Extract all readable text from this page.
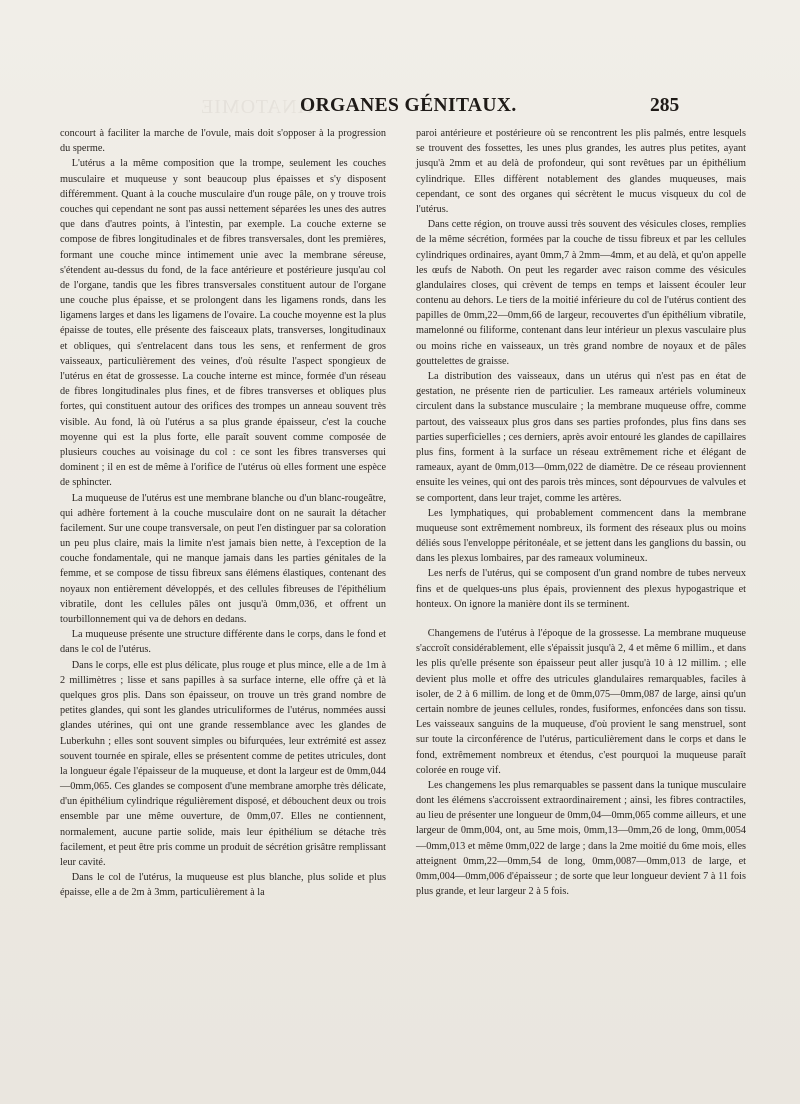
ANATOMIE
ORGANES GÉNITAUX.	285

concourt à faciliter la marche de l'ovule, mais doit s'opposer à la progression du sperme.

L'utérus a la même composition que la trompe, seulement les couches musculaire et muqueuse y sont beaucoup plus épaisses et s'y disposent différemment. Quant à la couche musculaire d'un rouge pâle, on y trouve trois couches qui cependant ne sont pas aussi nettement séparées les unes des autres que dans d'autres points, à l'intestin, par exemple. La couche externe se compose de fibres longitudinales et de fibres transversales, dont les premières, formant une couche mince intimement unie avec la membrane séreuse, s'étendent au-dessus du fond, de la face antérieure et postérieure jusqu'au col de l'organe, tandis que les fibres transversales constituent autour de l'organe une couche plus épaisse, et se prolongent dans les ligamens ronds, dans les ligamens larges et dans les ligamens de l'ovaire. La couche moyenne est la plus épaisse de toutes, elle présente des faisceaux plats, transverses, longitudinaux et obliques, qui s'entrelacent dans tous les sens, et renferment de gros vaisseaux, particulièrement des veines, d'où résulte l'aspect spongieux de l'utérus en état de grossesse. La couche interne est mince, formée d'un réseau de fibres longitudinales plus fines, et de fibres transverses et obliques plus fortes, qui constituent autour des orifices des trompes un anneau souvent très visible. Au fond, là où l'utérus a sa plus grande épaisseur, c'est la couche moyenne qui est la plus forte, elle paraît souvent comme composée de plusieurs couches au voisinage du col : ce sont les fibres transverses qui dominent ; il en est de même à l'orifice de l'utérus où elles forment une espèce de sphincter.

La muqueuse de l'utérus est une membrane blanche ou d'un blanc-rougeâtre, qui adhère fortement à la couche musculaire dont on ne saurait la détacher facilement. Sur une coupe transversale, on peut l'en distinguer par sa coloration un peu plus claire, mais la limite n'est jamais bien nette, à l'exception de la couche fondamentale, qui ne manque jamais dans les parties génitales de la femme, et se compose de tissu fibreux sans élémens élastiques, contenant des noyaux non entièrement développés, et des cellules fibreuses de l'épithélium vibratile, dont les cellules pâles ont jusqu'à 0mm,036, et offrent un tourbillonnement qui va de dehors en dedans.

La muqueuse présente une structure différente dans le corps, dans le fond et dans le col de l'utérus.

Dans le corps, elle est plus délicate, plus rouge et plus mince, elle a de 1m à 2 millimètres ; lisse et sans papilles à sa surface interne, elle offre çà et là quelques gros plis. Dans son épaisseur, on trouve un très grand nombre de petites glandes, qui sont les glandes utriculiformes de l'utérus, nommées aussi glandes utérines, qui ont une grande ressemblance avec les glandes de Luberkuhn ; elles sont souvent simples ou bifurquées, leur extrémité est assez souvent tournée en spirale, elles se présentent comme de petites utricules, dont la longueur égale l'épaisseur de la muqueuse, et dont la largeur est de 0mm,044—0mm,065. Ces glandes se composent d'une membrane amorphe très délicate, d'un épithélium cylindrique régulièrement disposé, et débouchent deux ou trois ensemble par une même ouverture, de 0mm,07. Elles ne contiennent, normalement, aucune partie solide, mais leur épithélium se détache très facilement, et peut être pris comme un produit de sécrétion grisâtre remplissant leur cavité.

Dans le col de l'utérus, la muqueuse est plus blanche, plus solide et plus épaisse, elle a de 2m à 3mm, particulièrement à la

paroi antérieure et postérieure où se rencontrent les plis palmés, entre lesquels se trouvent des fossettes, les unes plus grandes, les autres plus petites, ayant jusqu'à 2mm et au delà de profondeur, qui sont revêtues par un épithélium cylindrique. Elles diffèrent notablement des glandes muqueuses, mais cependant, ce sont des organes qui sécrètent le mucus visqueux du col de l'utérus.

Dans cette région, on trouve aussi très souvent des vésicules closes, remplies de la même sécrétion, formées par la couche de tissu fibreux et par les cellules cylindriques ordinaires, ayant 0mm,7 à 2mm—4mm, et au delà, et qu'on appelle les œufs de Naboth. On peut les regarder avec raison comme des vésicules glandulaires closes, qui crèvent de temps en temps et laissent écouler leur contenu au dehors. Le tiers de la moitié inférieure du col de l'utérus contient des papilles de 0mm,22—0mm,66 de largeur, recouvertes d'un épithélium vibratile, mamelonné ou filiforme, contenant dans leur intérieur un plexus vasculaire plus ou moins riche en vaisseaux, un très grand nombre de noyaux et de pâles gouttelettes de graisse.

La distribution des vaisseaux, dans un utérus qui n'est pas en état de gestation, ne présente rien de particulier. Les rameaux artériels volumineux circulent dans la substance musculaire ; la membrane muqueuse offre, comme partout, des vaisseaux plus gros dans ses parties profondes, plus fins dans ses parties superficielles ; ces derniers, après avoir entouré les glandes de capillaires plus fins, forment à la surface un réseau extrêmement riche et élégant de rameaux, ayant de 0mm,013—0mm,022 de diamètre. De ce réseau proviennent ensuite les veines, qui ont des parois très minces, sont dépourvues de valvules et se comportent, dans leur trajet, comme les artères.

Les lymphatiques, qui probablement commencent dans la membrane muqueuse sont extrêmement nombreux, ils forment des réseaux plus ou moins déliés sous l'enveloppe péritonéale, et se jettent dans les ganglions du bassin, ou dans les plexus lombaires, par des rameaux volumineux.

Les nerfs de l'utérus, qui se composent d'un grand nombre de tubes nerveux fins et de quelques-uns plus épais, proviennent des plexus hypogastrique et honteux. On ignore la manière dont ils se terminent.

Changemens de l'utérus à l'époque de la grossesse. La membrane muqueuse s'accroît considérablement, elle s'épaissit jusqu'à 2, 4 et même 6 millim., et dans les plis qu'elle présente son épaisseur peut aller jusqu'à 10 à 12 millim. ; elle devient plus molle et offre des utricules glandulaires remarquables, faciles à isoler, de 2 à 6 millim. de long et de 0mm,075—0mm,087 de large, ainsi qu'un certain nombre de jeunes cellules, rondes, fusiformes, enfoncées dans son tissu. Les vaisseaux sanguins de la muqueuse, d'où provient le sang menstruel, sont sur toute la circonférence de l'utérus, particulièrement dans le corps et dans le fond, extrêmement nombreux et étendus, c'est pourquoi la muqueuse paraît colorée en rouge vif.

Les changemens les plus remarquables se passent dans la tunique musculaire dont les élémens s'accroissent extraordinairement ; ainsi, les fibres contractiles, au lieu de présenter une longueur de 0mm,04—0mm,065 comme ailleurs, et une largeur de 0mm,004, ont, au 5me mois, 0mm,13—0mm,26 de long, 0mm,0054—0mm,013 et même 0mm,022 de large ; dans la 2me moitié du 6me mois, elles atteignent 0mm,22—0mm,54 de long, 0mm,0087—0mm,013 de large, et 0mm,004—0mm,006 d'épaisseur ; de sorte que leur longueur devient 7 à 11 fois plus grande, et leur largeur 2 à 5 fois.
